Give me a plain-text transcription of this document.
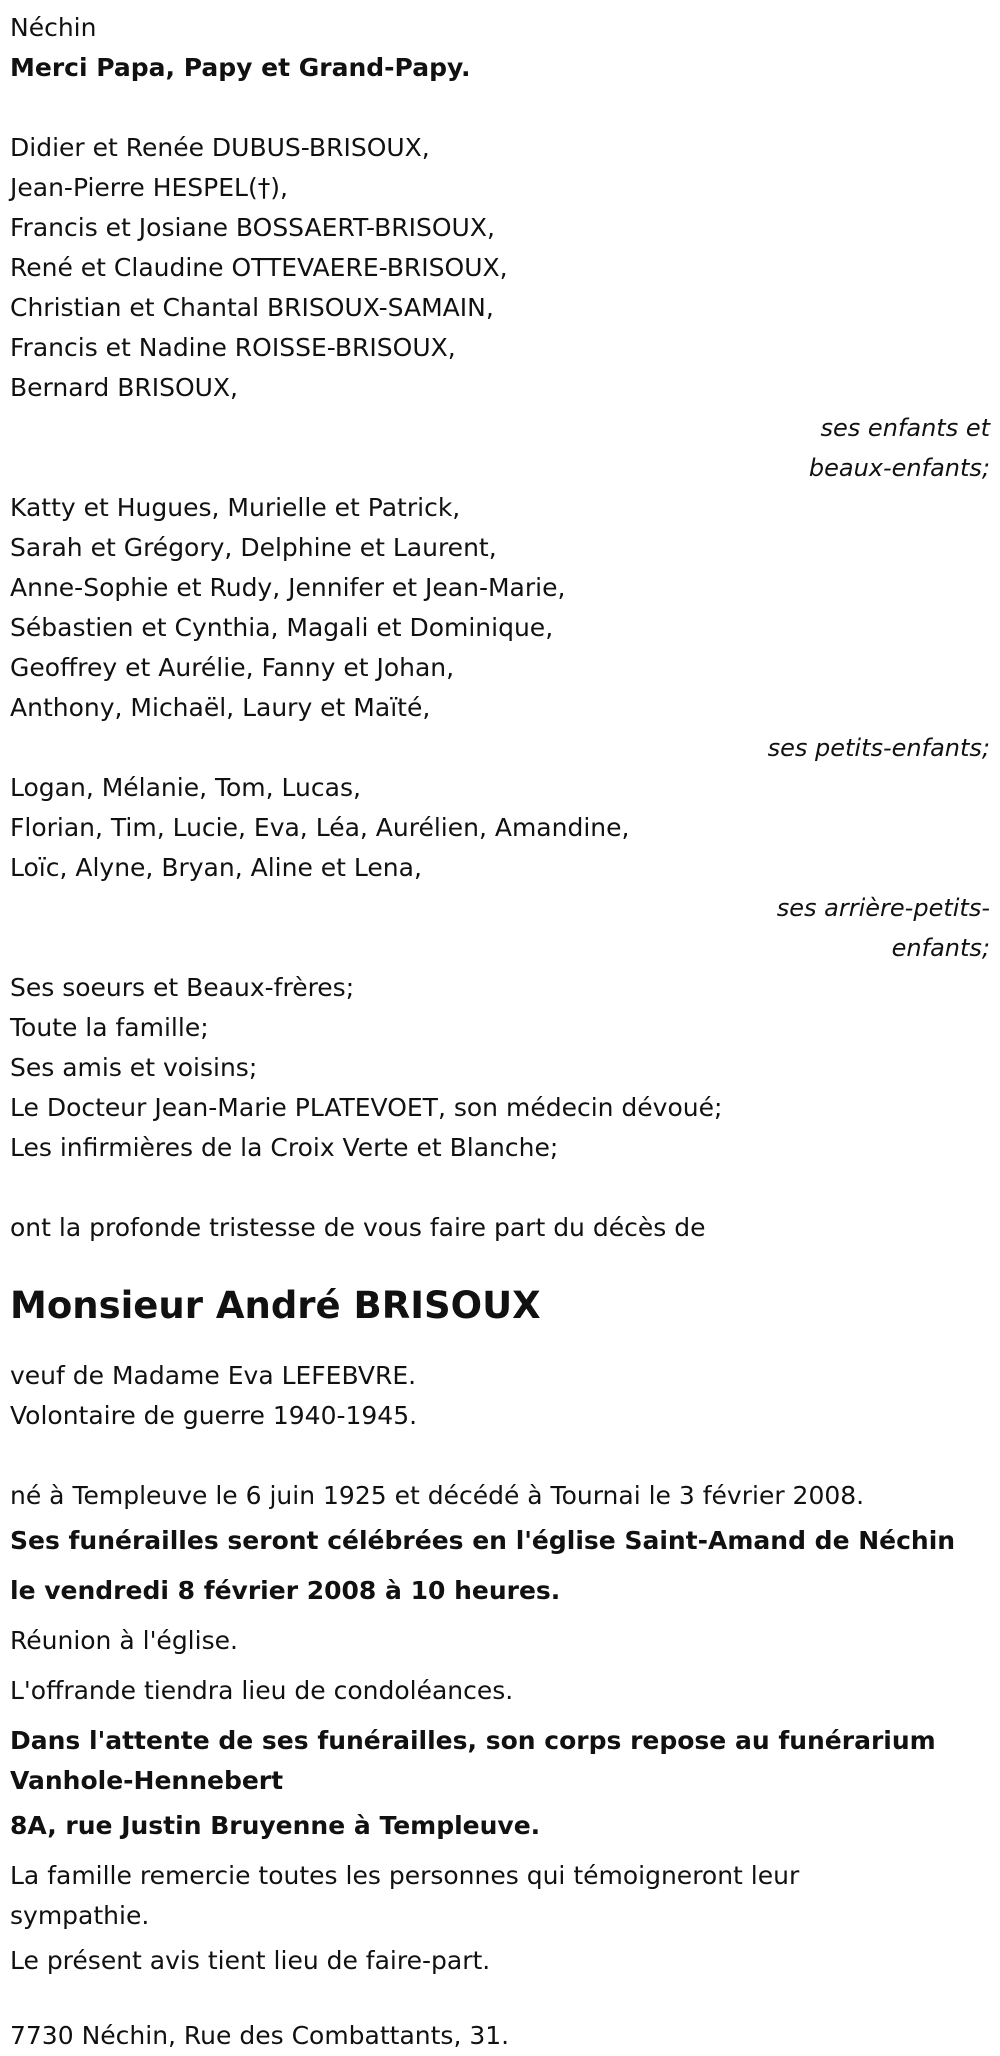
Néchin
Merci Papa, Papy et Grand-Papy.
Didier et Renée DUBUS-BRISOUX,
Jean-Pierre HESPEL(†),
Francis et Josiane BOSSAERT-BRISOUX,
René et Claudine OTTEVAERE-BRISOUX,
Christian et Chantal BRISOUX-SAMAIN,
Francis et Nadine ROISSE-BRISOUX,
Bernard BRISOUX,
ses enfants et
beaux-enfants;
Katty et Hugues, Murielle et Patrick,
Sarah et Grégory, Delphine et Laurent,
Anne-Sophie et Rudy, Jennifer et Jean-Marie,
Sébastien et Cynthia, Magali et Dominique,
Geoffrey et Aurélie, Fanny et Johan,
Anthony, Michaël, Laury et Maïté,
ses petits-enfants;
Logan, Mélanie, Tom, Lucas,
Florian, Tim, Lucie, Eva, Léa, Aurélien, Amandine,
Loïc, Alyne, Bryan, Aline et Lena,
ses arrière-petits-
enfants;
Ses soeurs et Beaux-frères;
Toute la famille;
Ses amis et voisins;
Le Docteur Jean-Marie PLATEVOET, son médecin dévoué;
Les infirmières de la Croix Verte et Blanche;
ont la profonde tristesse de vous faire part du décès de
Monsieur André BRISOUX
veuf de Madame Eva LEFEBVRE.
Volontaire de guerre 1940-1945.
né à Templeuve le 6 juin 1925 et décédé à Tournai le 3 février 2008.
Ses funérailles seront célébrées en l'église Saint-Amand de Néchin
le vendredi 8 février 2008 à 10 heures.
Réunion à l'église.
L'offrande tiendra lieu de condoléances.
Dans l'attente de ses funérailles, son corps repose au funérarium
Vanhole-Hennebert
8A, rue Justin Bruyenne à Templeuve.
La famille remercie toutes les personnes qui témoigneront leur sympathie.
Le présent avis tient lieu de faire-part.
7730 Néchin, Rue des Combattants, 31.
